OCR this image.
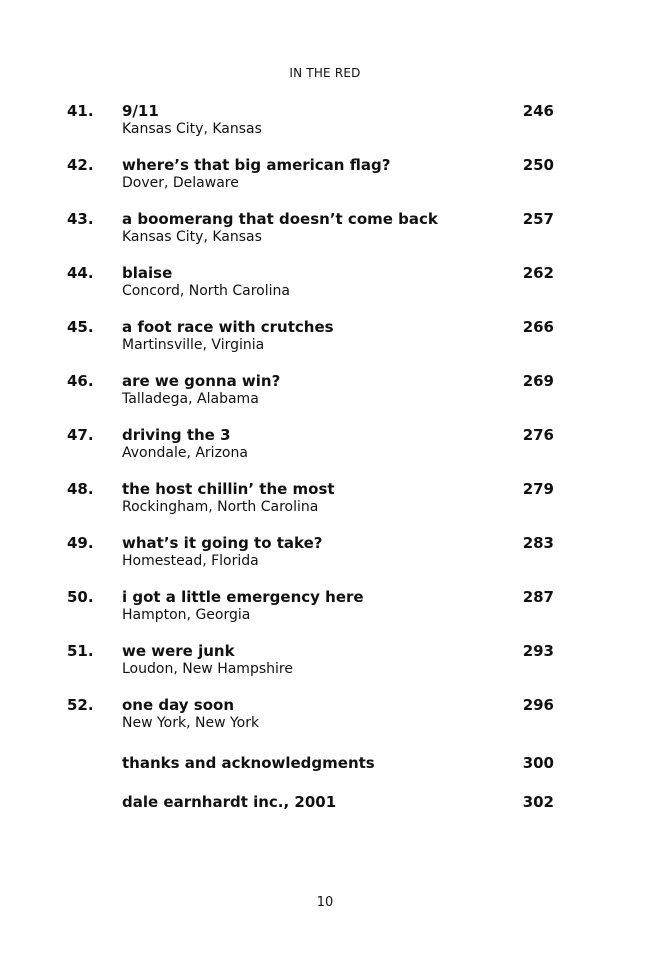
IN THE RED
41. 9/11
Kansas City, Kansas
246
42. where’s that big american flag?
Dover, Delaware
250
43. a boomerang that doesn’t come back
Kansas City, Kansas
257
44. blaise
Concord, North Carolina
262
45. a foot race with crutches
Martinsville, Virginia
266
46. are we gonna win?
Talladega, Alabama
269
47. driving the 3
Avondale, Arizona
276
48. the host chillin’ the most
Rockingham, North Carolina
279
49. what’s it going to take?
Homestead, Florida
283
50. i got a little emergency here
Hampton, Georgia
287
51. we were junk
Loudon, New Hampshire
293
52. one day soon
New York, New York
296
thanks and acknowledgments	300
dale earnhardt inc., 2001	302
10
